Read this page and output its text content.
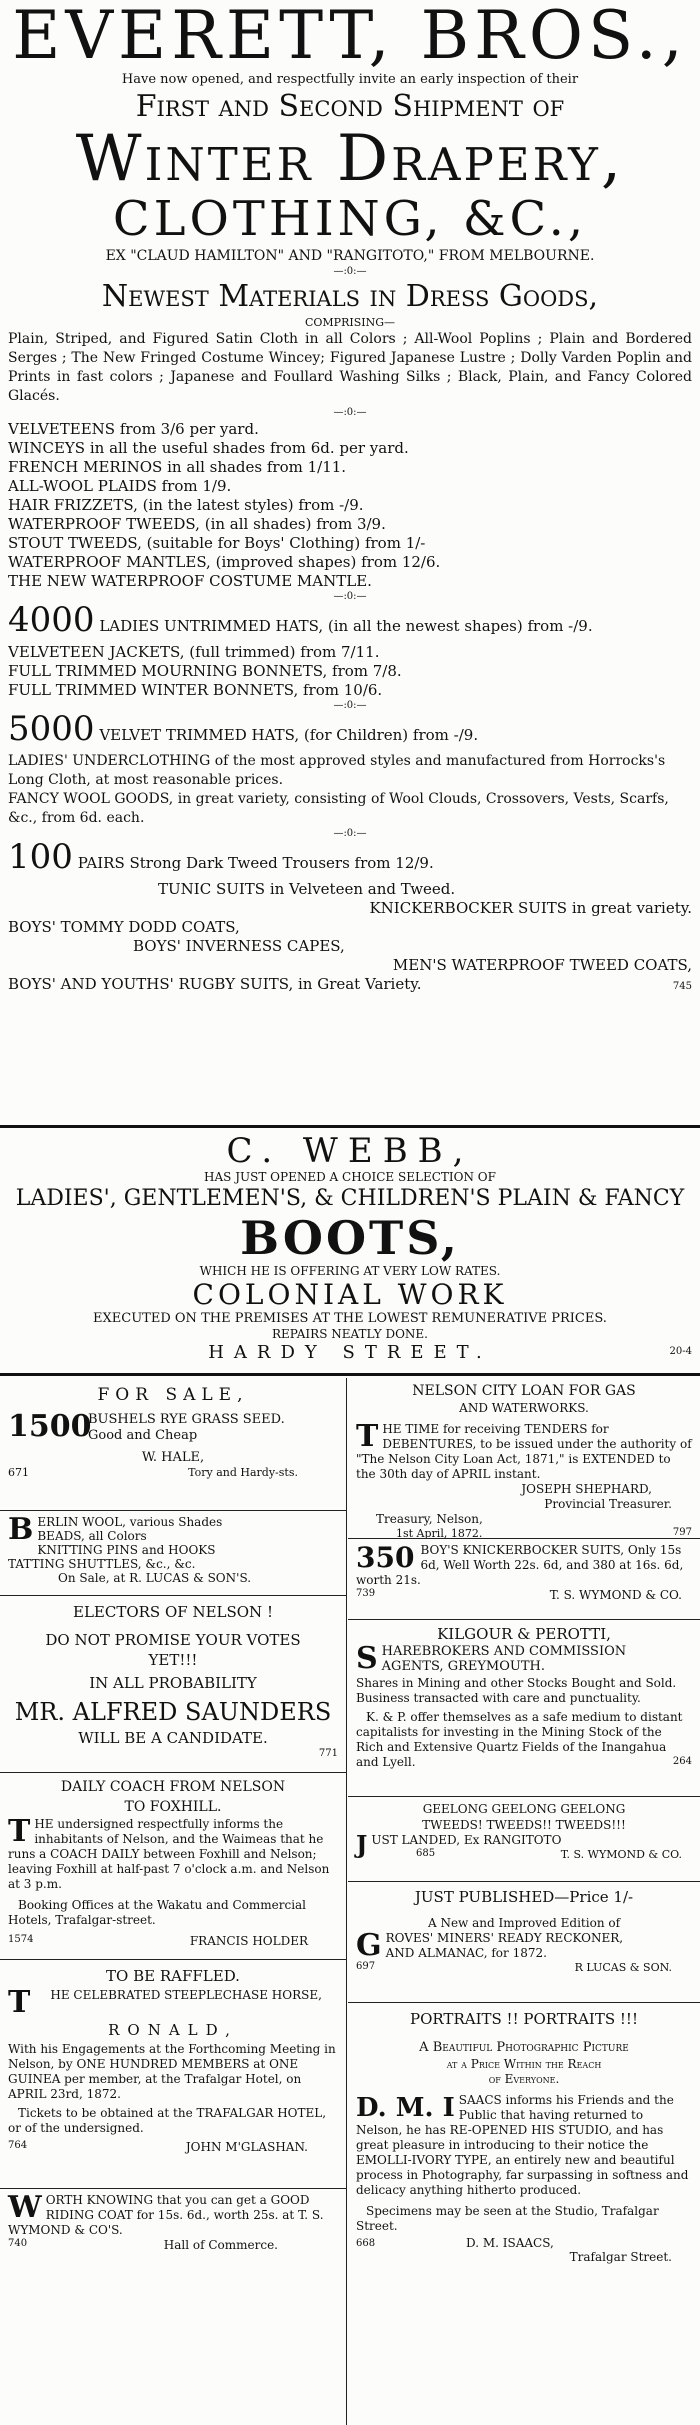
EVERETT, BROS.,
Have now opened, and respectfully invite an early inspection of their
First and Second Shipment of
Winter Drapery,
CLOTHING, &C.,
EX "CLAUD HAMILTON" AND "RANGITOTO," FROM MELBOURNE.
—:0:—
Newest Materials in Dress Goods,
COMPRISING—
Plain, Striped, and Figured Satin Cloth in all Colors ; All-Wool Poplins ; Plain and Bordered Serges ; The New Fringed Costume Wincey; Figured Japanese Lustre ; Dolly Varden Poplin and Prints in fast colors ; Japanese and Foullard Washing Silks ; Black, Plain, and Fancy Colored Glacés.
—:0:—
VELVETEENS from 3/6 per yard.
WINCEYS in all the useful shades from 6d. per yard.
FRENCH MERINOS in all shades from 1/11.
ALL-WOOL PLAIDS from 1/9.
HAIR FRIZZETS, (in the latest styles) from -/9.
WATERPROOF TWEEDS, (in all shades) from 3/9.
STOUT TWEEDS, (suitable for Boys' Clothing) from 1/-
WATERPROOF MANTLES, (improved shapes) from 12/6.
THE NEW WATERPROOF COSTUME MANTLE.
—:0:—
4000 LADIES UNTRIMMED HATS, (in all the newest shapes) from -/9.
VELVETEEN JACKETS, (full trimmed) from 7/11.
FULL TRIMMED MOURNING BONNETS, from 7/8.
FULL TRIMMED WINTER BONNETS, from 10/6.
—:0:—
5000 VELVET TRIMMED HATS, (for Children) from -/9.
LADIES' UNDERCLOTHING of the most approved styles and manufactured from Horrocks's Long Cloth, at most reasonable prices.
FANCY WOOL GOODS, in great variety, consisting of Wool Clouds, Crossovers, Vests, Scarfs, &c., from 6d. each.
—:0:—
100 PAIRS Strong Dark Tweed Trousers from 12/9.
TUNIC SUITS in Velveteen and Tweed.
KNICKERBOCKER SUITS in great variety.
BOYS' TOMMY DODD COATS,
BOYS' INVERNESS CAPES,
MEN'S WATERPROOF TWEED COATS,
BOYS' AND YOUTHS' RUGBY SUITS, in Great Variety.	745
C. WEBB,
HAS JUST OPENED A CHOICE SELECTION OF
LADIES', GENTLEMEN'S, & CHILDREN'S PLAIN & FANCY
BOOTS,
WHICH HE IS OFFERING AT VERY LOW RATES.
COLONIAL WORK
EXECUTED ON THE PREMISES AT THE LOWEST REMUNERATIVE PRICES.
REPAIRS NEATLY DONE.
HARDY STREET.	20-4
FOR SALE,
1500
BUSHELS RYE GRASS SEED.
Good and Cheap
W. HALE,
671	Tory and Hardy-sts.
B ERLIN WOOL, various Shades
BEADS, all Colors
KNITTING PINS and HOOKS
TATTING SHUTTLES, &c., &c.
On Sale, at R. LUCAS & SON'S.
ELECTORS OF NELSON !
DO NOT PROMISE YOUR VOTES YET!!!
IN ALL PROBABILITY
MR. ALFRED SAUNDERS
WILL BE A CANDIDATE.
771
DAILY COACH FROM NELSON
TO FOXHILL.
T HE undersigned respectfully informs the inhabitants of Nelson, and the Waimeas that he runs a COACH DAILY between Foxhill and Nelson; leaving Foxhill at half-past 7 o'clock a.m. and Nelson at 3 p.m.
Booking Offices at the Wakatu and Commercial Hotels, Trafalgar-street.
1574	FRANCIS HOLDER
TO BE RAFFLED.
T HE CELEBRATED STEEPLECHASE HORSE,
RONALD,
With his Engagements at the Forthcoming Meeting in Nelson, by ONE HUNDRED MEMBERS at ONE GUINEA per member, at the Trafalgar Hotel, on APRIL 23rd, 1872.
Tickets to be obtained at the TRAFALGAR HOTEL, or of the undersigned.
764	JOHN M'GLASHAN.
W ORTH KNOWING that you can get a GOOD RIDING COAT for 15s. 6d., worth 25s. at T. S. WYMOND & CO'S.
740	Hall of Commerce.
NELSON CITY LOAN FOR GAS
AND WATERWORKS.
T HE TIME for receiving TENDERS for DEBENTURES, to be issued under the authority of "The Nelson City Loan Act, 1871," is EXTENDED to the 30th day of APRIL instant.
JOSEPH SHEPHARD,
Provincial Treasurer.
Treasury, Nelson,
1st April, 1872.	797
350 BOY'S KNICKERBOCKER SUITS, Only 15s 6d, Well Worth 22s. 6d, and 380 at 16s. 6d, worth 21s.
739	T. S. WYMOND & CO.
KILGOUR & PEROTTI,
S HAREBROKERS AND COMMISSION AGENTS, GREYMOUTH.
Shares in Mining and other Stocks Bought and Sold. Business transacted with care and punctuality.
K. & P. offer themselves as a safe medium to distant capitalists for investing in the Mining Stock of the Rich and Extensive Quartz Fields of the Inangahua and Lyell.	264
GEELONG GEELONG GEELONG
TWEEDS! TWEEDS!! TWEEDS!!!
J UST LANDED, Ex RANGITOTO
685	T. S. WYMOND & CO.
JUST PUBLISHED—Price 1/-
A New and Improved Edition of
G ROVES' MINERS' READY RECKONER,
AND ALMANAC, for 1872.
697	R LUCAS & SON.
PORTRAITS !! PORTRAITS !!!
A Beautiful Photographic Picture
at a Price Within the Reach
of Everyone.
D. M. I SAACS informs his Friends and the Public that having returned to Nelson, he has RE-OPENED HIS STUDIO, and has great pleasure in introducing to their notice the EMOLLI-IVORY TYPE, an entirely new and beautiful process in Photography, far surpassing in softness and delicacy anything hitherto produced.
Specimens may be seen at the Studio, Trafalgar Street.
668	D. M. ISAACS,
Trafalgar Street.
